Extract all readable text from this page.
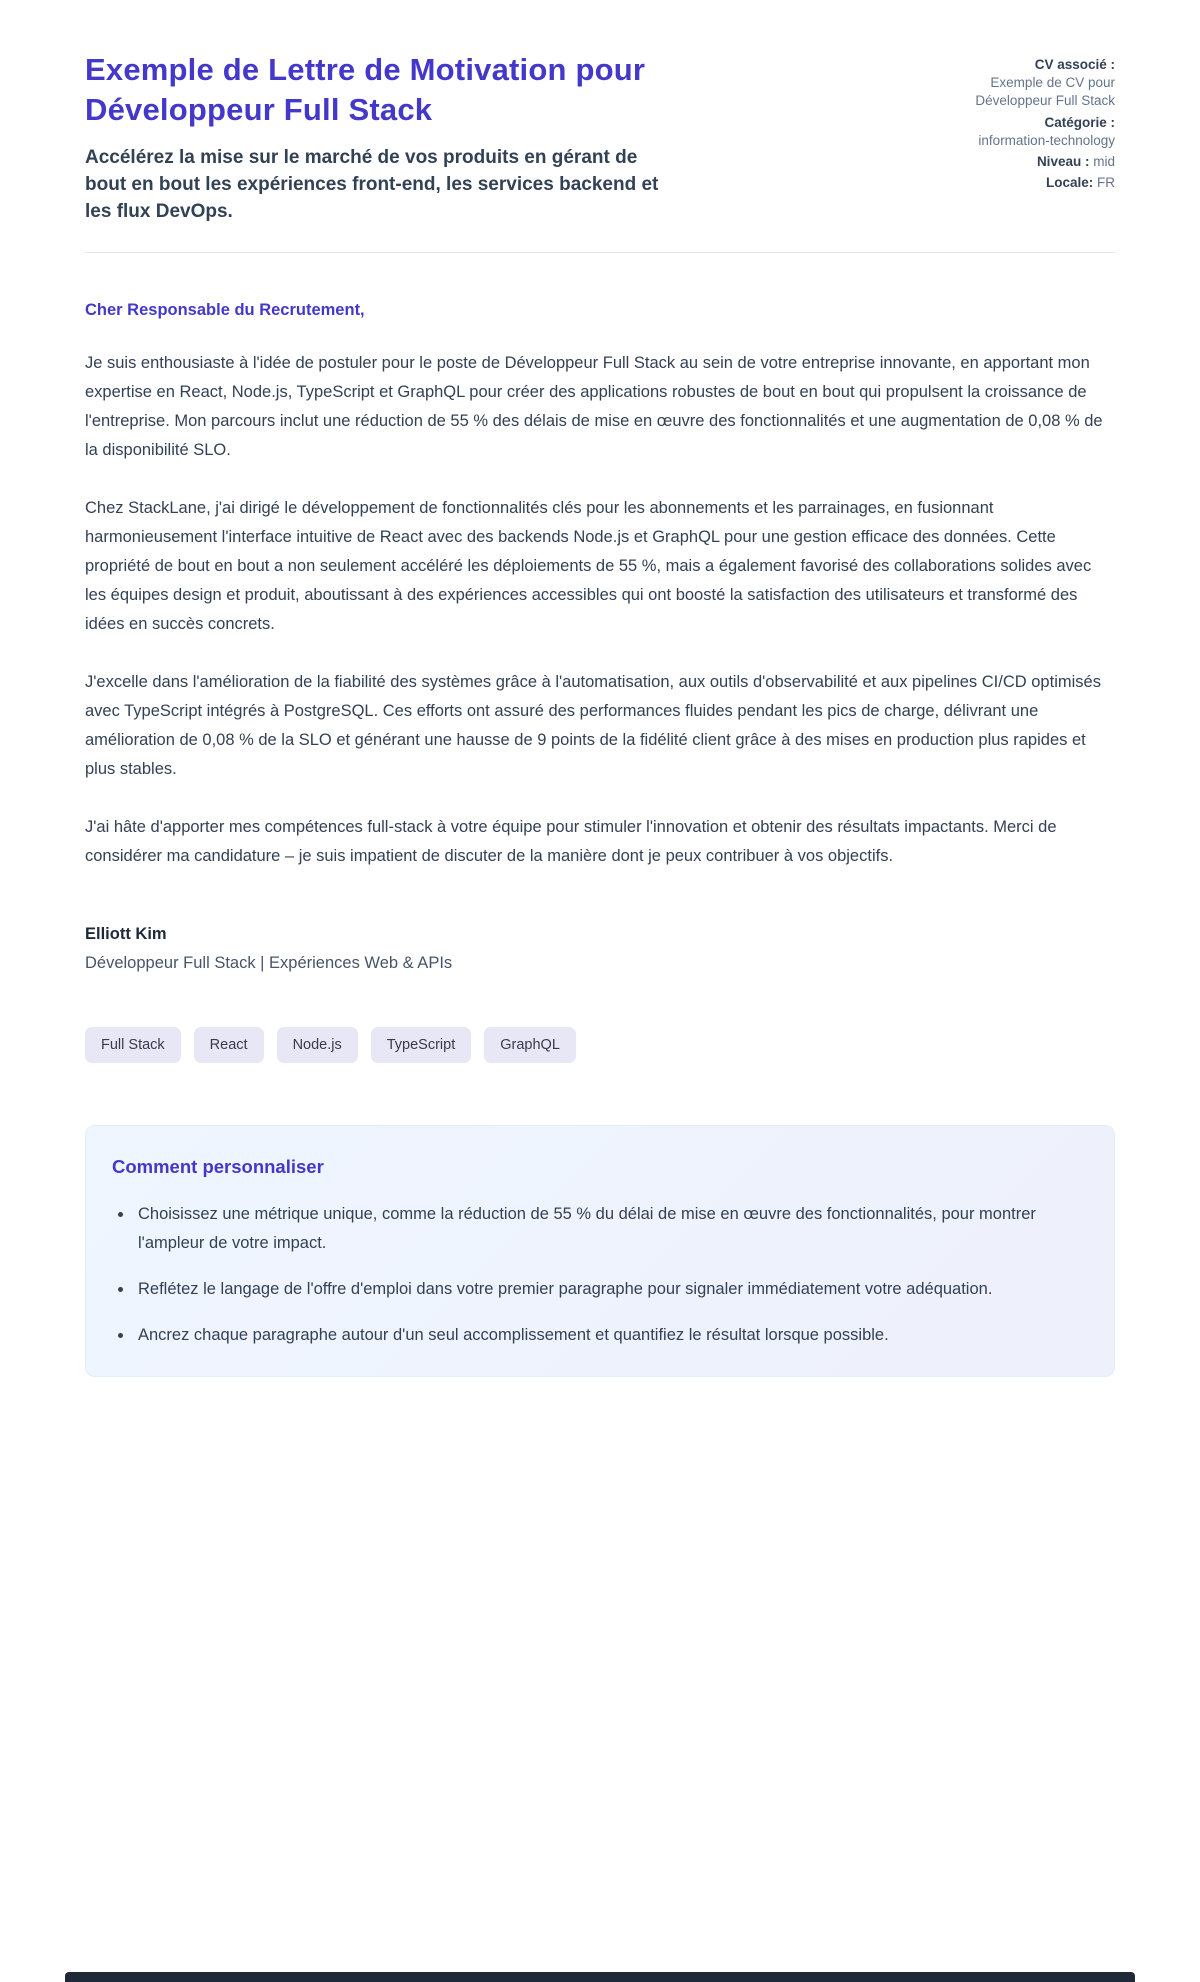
Exemple de Lettre de Motivation pour Développeur Full Stack

Accélérez la mise sur le marché de vos produits en gérant de bout en bout les expériences front-end, les services backend et les flux DevOps.

CV associé :
Exemple de CV pour Développeur Full Stack
Catégorie :
information-technology
Niveau : mid
Locale: FR

Cher Responsable du Recrutement,

Je suis enthousiaste à l'idée de postuler pour le poste de Développeur Full Stack au sein de votre entreprise innovante, en apportant mon expertise en React, Node.js, TypeScript et GraphQL pour créer des applications robustes de bout en bout qui propulsent la croissance de l'entreprise. Mon parcours inclut une réduction de 55 % des délais de mise en œuvre des fonctionnalités et une augmentation de 0,08 % de la disponibilité SLO.

Chez StackLane, j'ai dirigé le développement de fonctionnalités clés pour les abonnements et les parrainages, en fusionnant harmonieusement l'interface intuitive de React avec des backends Node.js et GraphQL pour une gestion efficace des données. Cette propriété de bout en bout a non seulement accéléré les déploiements de 55 %, mais a également favorisé des collaborations solides avec les équipes design et produit, aboutissant à des expériences accessibles qui ont boosté la satisfaction des utilisateurs et transformé des idées en succès concrets.

J'excelle dans l'amélioration de la fiabilité des systèmes grâce à l'automatisation, aux outils d'observabilité et aux pipelines CI/CD optimisés avec TypeScript intégrés à PostgreSQL. Ces efforts ont assuré des performances fluides pendant les pics de charge, délivrant une amélioration de 0,08 % de la SLO et générant une hausse de 9 points de la fidélité client grâce à des mises en production plus rapides et plus stables.

J'ai hâte d'apporter mes compétences full-stack à votre équipe pour stimuler l'innovation et obtenir des résultats impactants. Merci de considérer ma candidature – je suis impatient de discuter de la manière dont je peux contribuer à vos objectifs.

Elliott Kim

Développeur Full Stack | Expériences Web & APIs

Full Stack	React	Node.js	TypeScript	GraphQL
Comment personnaliser
• Choisissez une métrique unique, comme la réduction de 55 % du délai de mise en œuvre des fonctionnalités, pour montrer l'ampleur de votre impact.
• Reflétez le langage de l'offre d'emploi dans votre premier paragraphe pour signaler immédiatement votre adéquation.
• Ancrez chaque paragraphe autour d'un seul accomplissement et quantifiez le résultat lorsque possible.
